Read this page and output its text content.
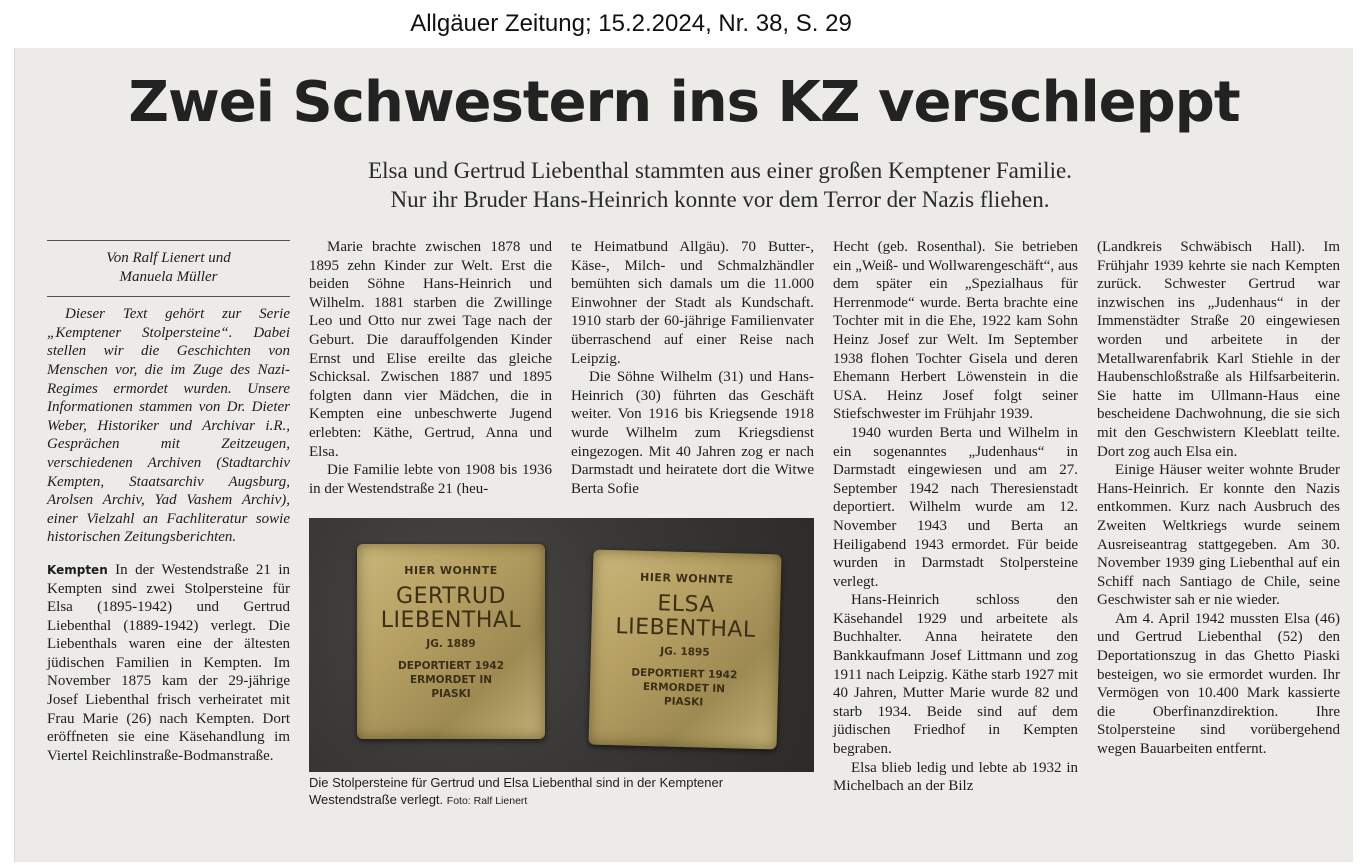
Allgäuer Zeitung; 15.2.2024, Nr. 38, S. 29
Zwei Schwestern ins KZ verschleppt
Elsa und Gertrud Liebenthal stammten aus einer großen Kemptener Familie.
Nur ihr Bruder Hans-Heinrich konnte vor dem Terror der Nazis fliehen.
Von Ralf Lienert und
Manuela Müller

Dieser Text gehört zur Serie „Kemptener Stolpersteine“. Dabei stellen wir die Geschichten von Menschen vor, die im Zuge des Nazi-Regimes ermordet wurden. Unsere Informationen stammen von Dr. Dieter Weber, Historiker und Archivar i.R., Gesprächen mit Zeitzeugen, verschiedenen Archiven (Stadtarchiv Kempten, Staatsarchiv Augsburg, Arolsen Archiv, Yad Vashem Archiv), einer Vielzahl an Fachliteratur sowie historischen Zeitungsberichten.

Kempten In der Westendstraße 21 in Kempten sind zwei Stolpersteine für Elsa (1895-1942) und Gertrud Liebenthal (1889-1942) verlegt. Die Liebenthals waren eine der ältesten jüdischen Familien in Kempten. Im November 1875 kam der 29-jährige Josef Liebenthal frisch verheiratet mit Frau Marie (26) nach Kempten. Dort eröffneten sie eine Käsehandlung im Viertel Reichlinstraße-Bodmanstraße.

Marie brachte zwischen 1878 und 1895 zehn Kinder zur Welt. Erst die beiden Söhne Hans-Heinrich und Wilhelm. 1881 starben die Zwillinge Leo und Otto nur zwei Tage nach der Geburt. Die darauffolgenden Kinder Ernst und Elise ereilte das gleiche Schicksal. Zwischen 1887 und 1895 folgten dann vier Mädchen, die in Kempten eine unbeschwerte Jugend erlebten: Käthe, Gertrud, Anna und Elsa.

Die Familie lebte von 1908 bis 1936 in der Westendstraße 21 (heu-

te Heimatbund Allgäu). 70 Butter-, Käse-, Milch- und Schmalzhändler bemühten sich damals um die 11.000 Einwohner der Stadt als Kundschaft. 1910 starb der 60-jährige Familienvater überraschend auf einer Reise nach Leipzig.

Die Söhne Wilhelm (31) und Hans-Heinrich (30) führten das Geschäft weiter. Von 1916 bis Kriegsende 1918 wurde Wilhelm zum Kriegsdienst eingezogen. Mit 40 Jahren zog er nach Darmstadt und heiratete dort die Witwe Berta Sofie

Hecht (geb. Rosenthal). Sie betrieben ein „Weiß- und Wollwarengeschäft“, aus dem später ein „Spezialhaus für Herrenmode“ wurde. Berta brachte eine Tochter mit in die Ehe, 1922 kam Sohn Heinz Josef zur Welt. Im September 1938 flohen Tochter Gisela und deren Ehemann Herbert Löwenstein in die USA. Heinz Josef folgt seiner Stiefschwester im Frühjahr 1939.

1940 wurden Berta und Wilhelm in ein sogenanntes „Judenhaus“ in Darmstadt eingewiesen und am 27. September 1942 nach Theresienstadt deportiert. Wilhelm wurde am 12. November 1943 und Berta an Heiligabend 1943 ermordet. Für beide wurden in Darmstadt Stolpersteine verlegt.

Hans-Heinrich schloss den Käsehandel 1929 und arbeitete als Buchhalter. Anna heiratete den Bankkaufmann Josef Littmann und zog 1911 nach Leipzig. Käthe starb 1927 mit 40 Jahren, Mutter Marie wurde 82 und starb 1934. Beide sind auf dem jüdischen Friedhof in Kempten begraben.

Elsa blieb ledig und lebte ab 1932 in Michelbach an der Bilz

(Landkreis Schwäbisch Hall). Im Frühjahr 1939 kehrte sie nach Kempten zurück. Schwester Gertrud war inzwischen ins „Judenhaus“ in der Immenstädter Straße 20 eingewiesen worden und arbeitete in der Metallwarenfabrik Karl Stiehle in der Haubenschloßstraße als Hilfsarbeiterin. Sie hatte im Ullmann-Haus eine bescheidene Dachwohnung, die sie sich mit den Geschwistern Kleeblatt teilte. Dort zog auch Elsa ein.

Einige Häuser weiter wohnte Bruder Hans-Heinrich. Er konnte den Nazis entkommen. Kurz nach Ausbruch des Zweiten Weltkriegs wurde seinem Ausreiseantrag stattgegeben. Am 30. November 1939 ging Liebenthal auf ein Schiff nach Santiago de Chile, seine Geschwister sah er nie wieder.

Am 4. April 1942 mussten Elsa (46) und Gertrud Liebenthal (52) den Deportationszug in das Ghetto Piaski besteigen, wo sie ermordet wurden. Ihr Vermögen von 10.400 Mark kassierte die Oberfinanzdirektion. Ihre Stolpersteine sind vorübergehend wegen Bauarbeiten entfernt.

HIER WOHNTE
GERTRUD
LIEBENTHAL
JG. 1889
DEPORTIERT 1942
ERMORDET IN
PIASKI
HIER WOHNTE
ELSA
LIEBENTHAL
JG. 1895
DEPORTIERT 1942
ERMORDET IN
PIASKI
Die Stolpersteine für Gertrud und Elsa Liebenthal sind in der Kemptener Westendstraße verlegt. Foto: Ralf Lienert
